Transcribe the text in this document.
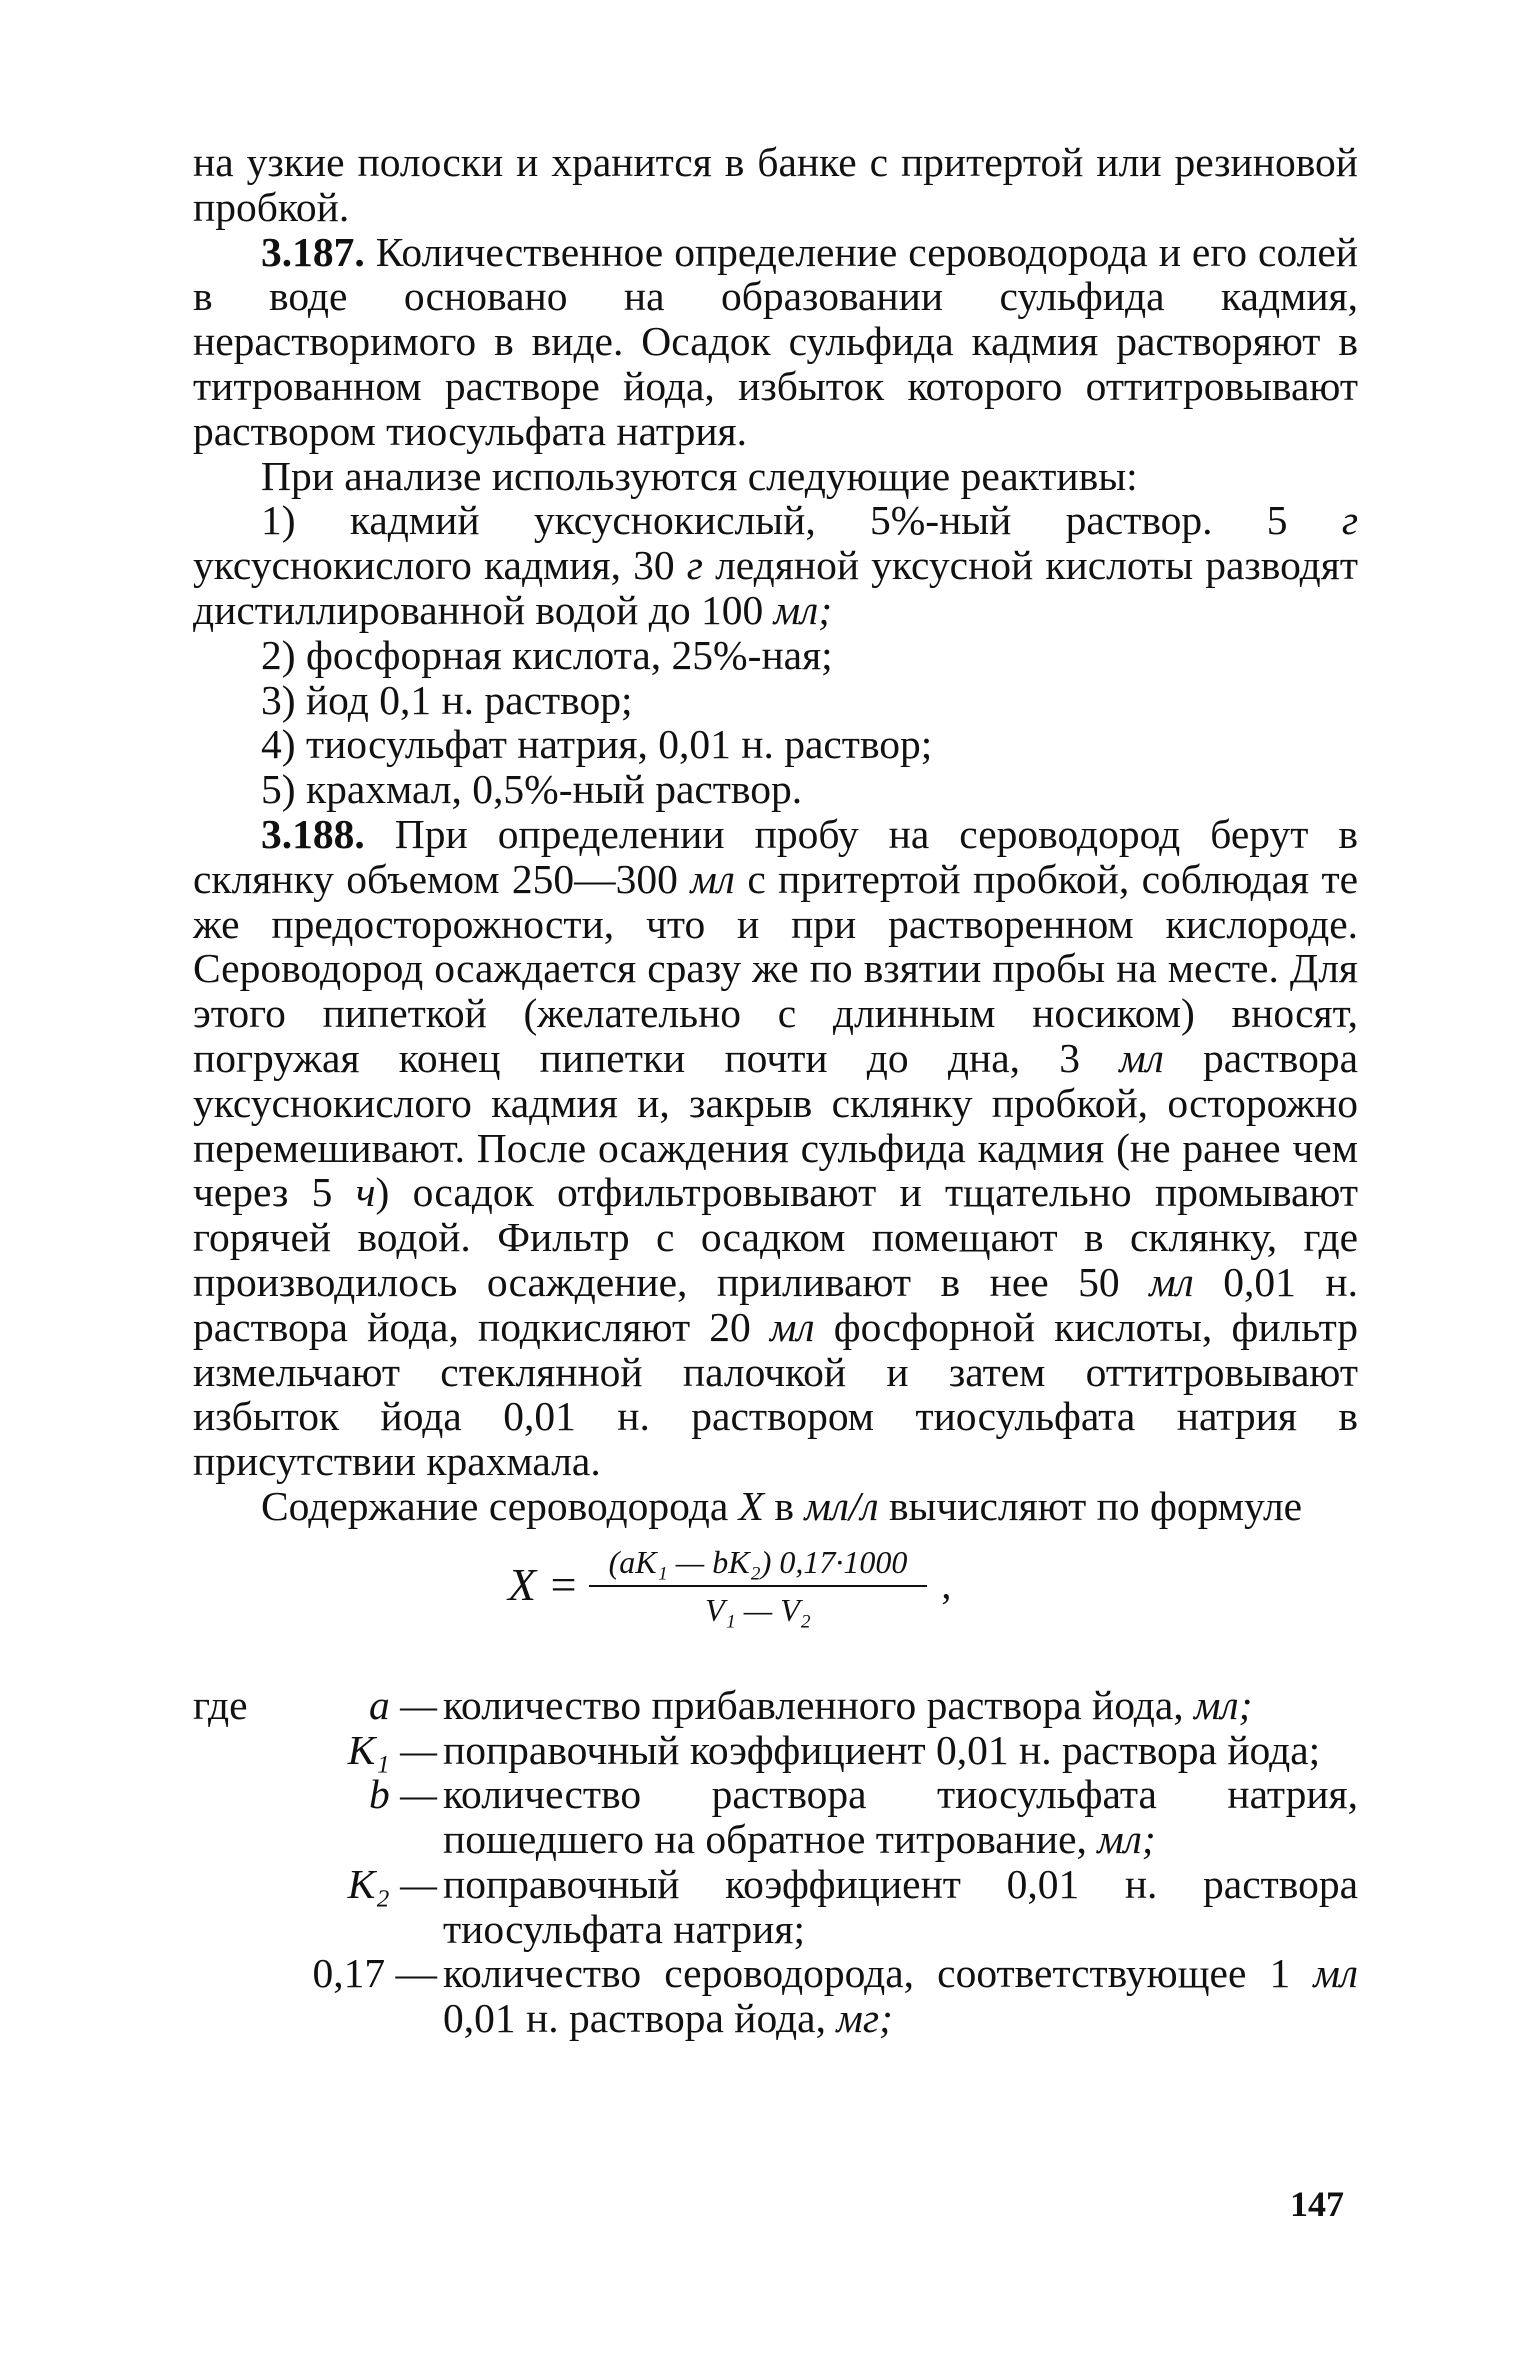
на узкие полоски и хранится в банке с притертой или резиновой пробкой.

3.187. Количественное определение сероводорода и его солей в воде основано на образовании сульфида кадмия, нерастворимого в виде. Осадок сульфида кадмия растворяют в титрованном растворе йода, избыток которого оттитровывают раствором тиосульфата натрия.

При анализе используются следующие реактивы:

1) кадмий уксуснокислый, 5%-ный раствор. 5 г уксуснокислого кадмия, 30 г ледяной уксусной кислоты разводят дистиллированной водой до 100 мл;

2) фосфорная кислота, 25%-ная;

3) йод 0,1 н. раствор;

4) тиосульфат натрия, 0,01 н. раствор;

5) крахмал, 0,5%-ный раствор.

3.188. При определении пробу на сероводород берут в склянку объемом 250—300 мл с притертой пробкой, соблюдая те же предосторожности, что и при растворенном кислороде. Сероводород осаждается сразу же по взятии пробы на месте. Для этого пипеткой (желательно с длинным носиком) вносят, погружая конец пипетки почти до дна, 3 мл раствора уксуснокислого кадмия и, закрыв склянку пробкой, осторожно перемешивают. После осаждения сульфида кадмия (не ранее чем через 5 ч) осадок отфильтровывают и тщательно промывают горячей водой. Фильтр с осадком помещают в склянку, где производилось осаждение, приливают в нее 50 мл 0,01 н. раствора йода, подкисляют 20 мл фосфорной кислоты, фильтр измельчают стеклянной палочкой и затем оттитровывают избыток йода 0,01 н. раствором тиосульфата натрия в присутствии крахмала.

Содержание сероводорода X в мл/л вычисляют по формуле

$X = \frac{\text{(aK₁ — bK₂) 0,17·1000}}{\text{V₁ — V₂}}$ ,
где	a — количество прибавленного раствора йода, мл;
K₁ — поправочный коэффициент 0,01 н. раствора йода;
b — количество раствора тиосульфата натрия, пошедшего на обратное титрование, мл;
K₂ — поправочный коэффициент 0,01 н. раствора тиосульфата натрия;
0,17 — количество сероводорода, соответствующее 1 мл 0,01 н. раствора йода, мг;
147
